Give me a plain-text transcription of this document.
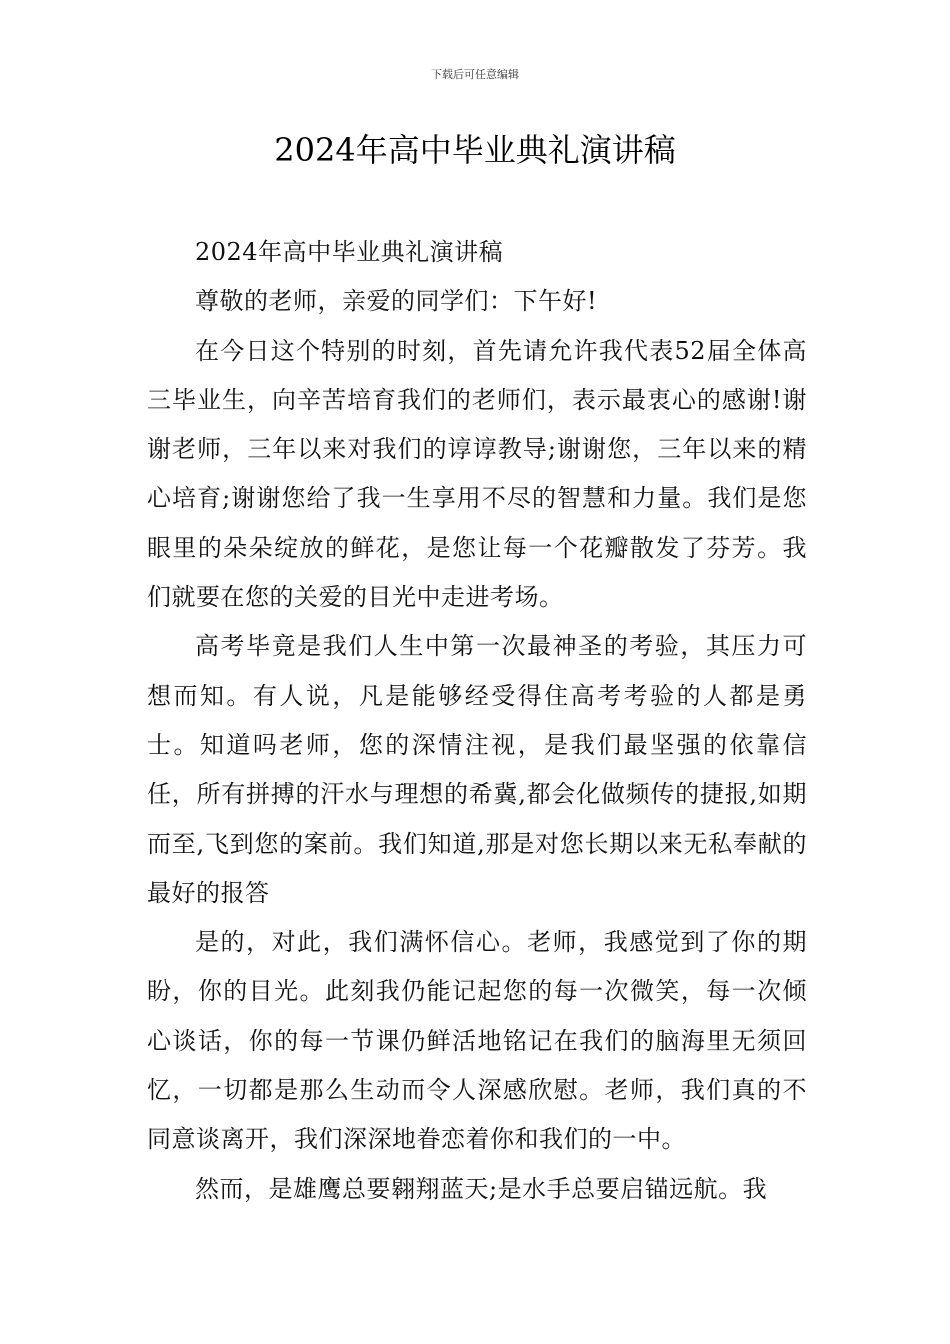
下载后可任意编辑
2024年高中毕业典礼演讲稿

2024年高中毕业典礼演讲稿

尊敬的老师，亲爱的同学们：下午好!

在今日这个特别的时刻，首先请允许我代表52届全体高三毕业生，向辛苦培育我们的老师们，表示最衷心的感谢!谢谢老师，三年以来对我们的谆谆教导;谢谢您，三年以来的精心培育;谢谢您给了我一生享用不尽的智慧和力量。我们是您眼里的朵朵绽放的鲜花，是您让每一个花瓣散发了芬芳。我们就要在您的关爱的目光中走进考场。

高考毕竟是我们人生中第一次最神圣的考验，其压力可想而知。有人说，凡是能够经受得住高考考验的人都是勇士。知道吗老师，您的深情注视，是我们最坚强的依靠信任，所有拼搏的汗水与理想的希冀,都会化做频传的捷报,如期而至,飞到您的案前。我们知道,那是对您长期以来无私奉献的最好的报答

是的，对此，我们满怀信心。老师，我感觉到了你的期盼，你的目光。此刻我仍能记起您的每一次微笑，每一次倾心谈话，你的每一节课仍鲜活地铭记在我们的脑海里无须回忆，一切都是那么生动而令人深感欣慰。老师，我们真的不同意谈离开，我们深深地眷恋着你和我们的一中。

然而，是雄鹰总要翱翔蓝天;是水手总要启锚远航。我
